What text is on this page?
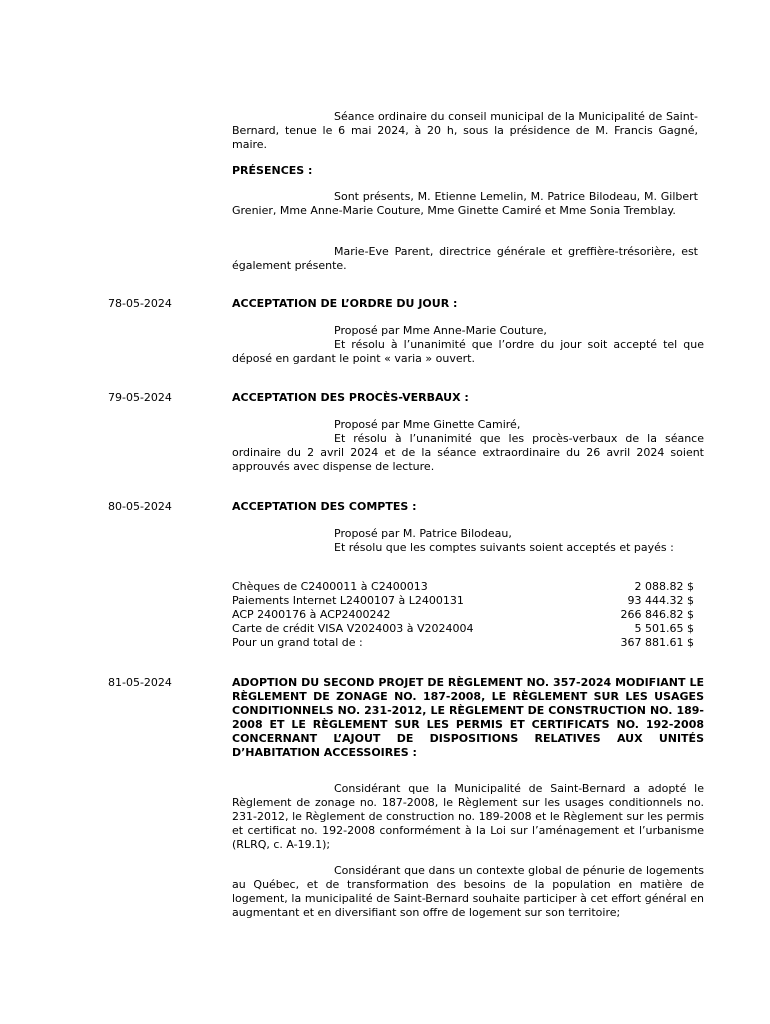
Séance ordinaire du conseil municipal de la Municipalité de Saint-Bernard, tenue le 6 mai 2024, à 20 h, sous la présidence de M. Francis Gagné, maire.

PRÉSENCES :

Sont présents, M. Etienne Lemelin, M. Patrice Bilodeau, M. Gilbert Grenier, Mme Anne-Marie Couture, Mme Ginette Camiré et Mme Sonia Tremblay.

Marie-Eve Parent, directrice générale et greffière-trésorière, est également présente.

78-05-2024	ACCEPTATION DE L’ORDRE DU JOUR :

Proposé par Mme Anne-Marie Couture,

Et résolu à l’unanimité que l’ordre du jour soit accepté tel que déposé en gardant le point « varia » ouvert.

79-05-2024	ACCEPTATION DES PROCÈS-VERBAUX :

Proposé par Mme Ginette Camiré,

Et résolu à l’unanimité que les procès-verbaux de la séance ordinaire du 2 avril 2024 et de la séance extraordinaire du 26 avril 2024 soient approuvés avec dispense de lecture.

80-05-2024	ACCEPTATION DES COMPTES :

Proposé par M. Patrice Bilodeau,

Et résolu que les comptes suivants soient acceptés et payés :

Chèques de C2400011 à C2400013	2 088.82 $
Paiements Internet L2400107 à L2400131	93 444.32 $
ACP 2400176 à ACP2400242	266 846.82 $
Carte de crédit VISA V2024003 à V2024004	5 501.65 $
Pour un grand total de :	367 881.61 $
81-05-2024	ADOPTION DU SECOND PROJET DE RÈGLEMENT NO. 357-2024 MODIFIANT LE RÈGLEMENT DE ZONAGE NO. 187-2008, LE RÈGLEMENT SUR LES USAGES CONDITIONNELS NO. 231-2012, LE RÈGLEMENT DE CONSTRUCTION NO. 189-2008 ET LE RÈGLEMENT SUR LES PERMIS ET CERTIFICATS NO. 192-2008 CONCERNANT L’AJOUT DE DISPOSITIONS RELATIVES AUX UNITÉS D’HABITATION ACCESSOIRES :

Considérant que la Municipalité de Saint-Bernard a adopté le Règlement de zonage no. 187-2008, le Règlement sur les usages conditionnels no. 231-2012, le Règlement de construction no. 189-2008 et le Règlement sur les permis et certificat no. 192-2008 conformément à la Loi sur l’aménagement et l’urbanisme (RLRQ, c. A-19.1);

Considérant que dans un contexte global de pénurie de logements au Québec, et de transformation des besoins de la population en matière de logement, la municipalité de Saint-Bernard souhaite participer à cet effort général en augmentant et en diversifiant son offre de logement sur son territoire;
